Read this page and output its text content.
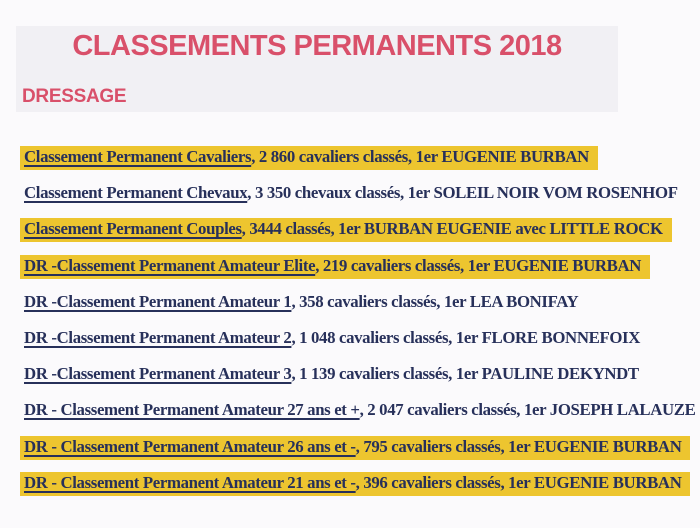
CLASSEMENTS PERMANENTS 2018
DRESSAGE
Classement Permanent Cavaliers, 2 860 cavaliers classés, 1er EUGENIE BURBAN
Classement Permanent Chevaux, 3 350 chevaux classés, 1er SOLEIL NOIR VOM ROSENHOF
Classement Permanent Couples, 3444 classés, 1er BURBAN EUGENIE avec LITTLE ROCK
DR -Classement Permanent Amateur Elite, 219 cavaliers classés, 1er EUGENIE BURBAN
DR -Classement Permanent Amateur 1, 358 cavaliers classés, 1er LEA BONIFAY
DR -Classement Permanent Amateur 2, 1 048 cavaliers classés, 1er FLORE BONNEFOIX
DR -Classement Permanent Amateur 3, 1 139 cavaliers classés, 1er PAULINE DEKYNDT
DR - Classement Permanent Amateur 27 ans et +, 2 047 cavaliers classés, 1er JOSEPH LALAUZE
DR - Classement Permanent Amateur 26 ans et -, 795 cavaliers classés, 1er EUGENIE BURBAN
DR - Classement Permanent Amateur 21 ans et -, 396 cavaliers classés, 1er EUGENIE BURBAN
